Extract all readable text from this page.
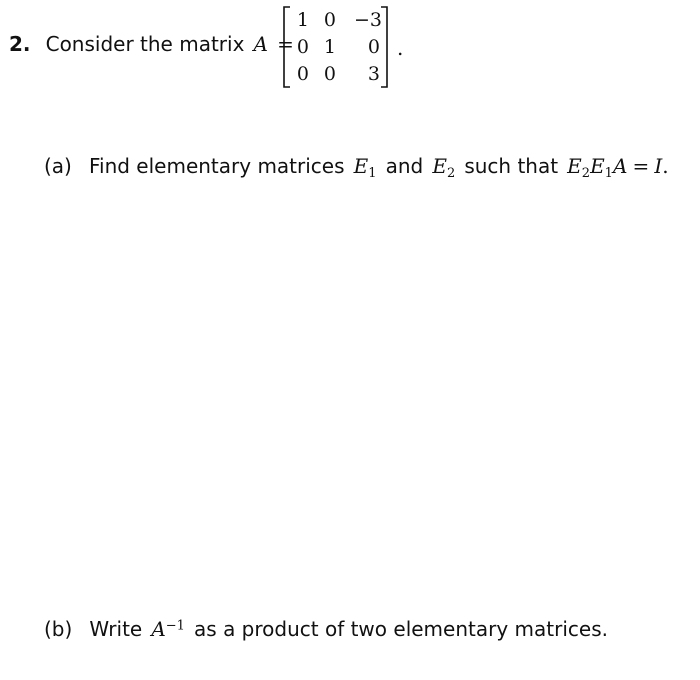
2. Consider the matrix A =
1 0 −3
0 1	0
0 0	3
.
(a) Find elementary matrices $E_1$ and $E_2$ such that $E_2E_1A = I$.
(b) Write $A^{-1}$ as a product of two elementary matrices.
